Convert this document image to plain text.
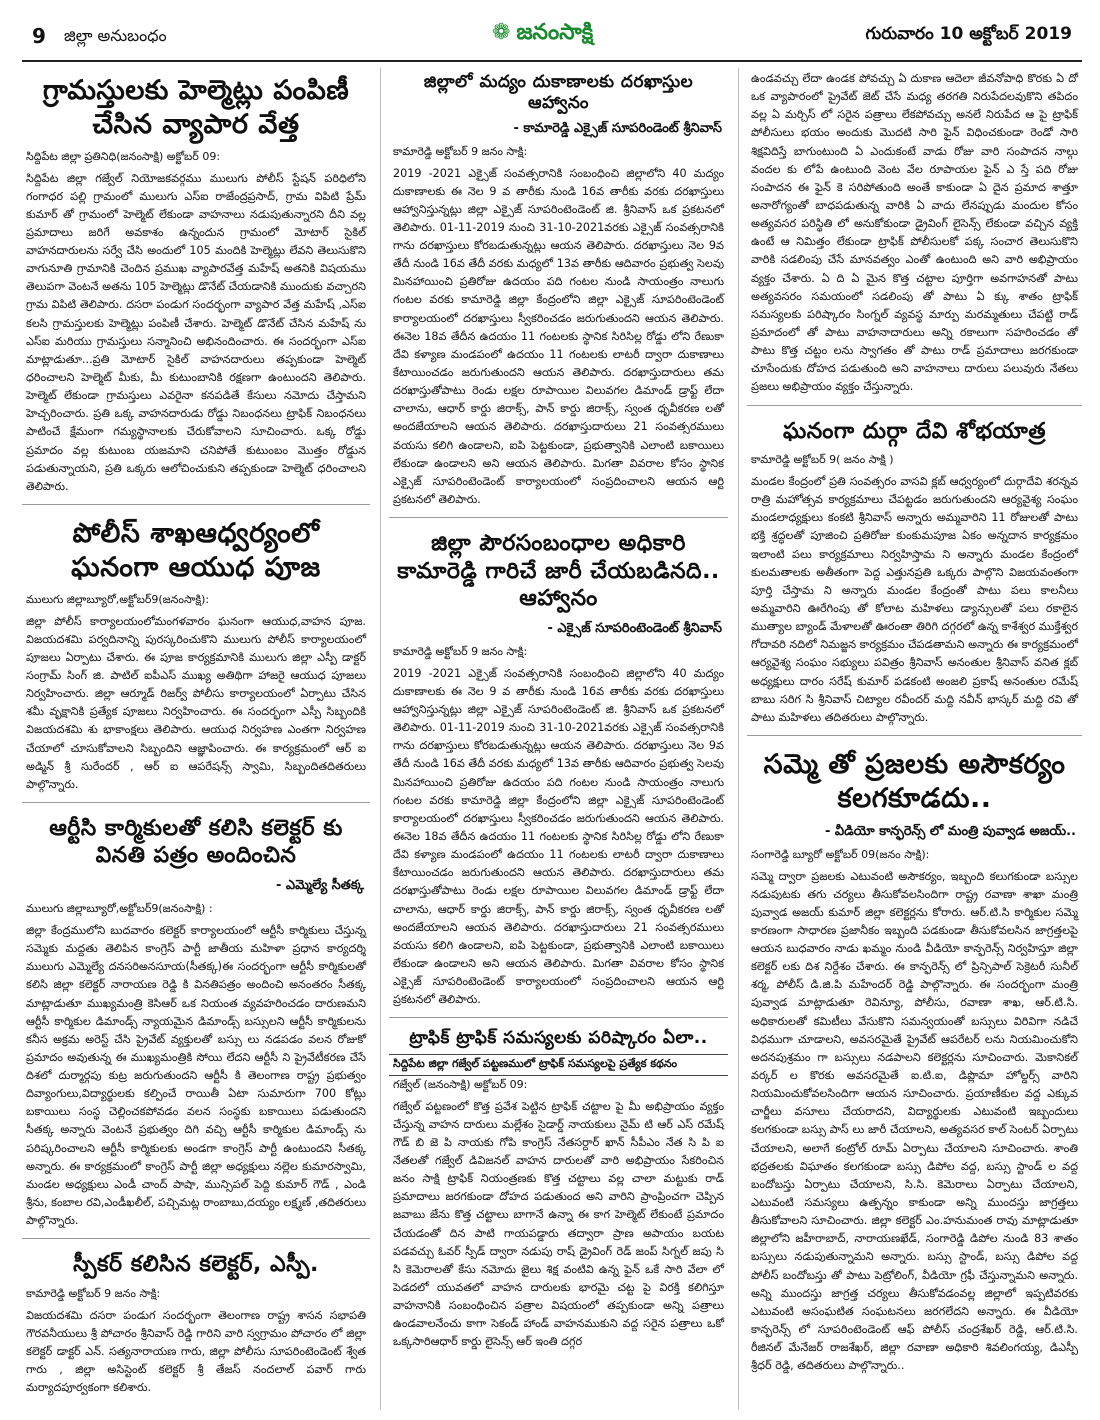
9 జిల్లా అనుబంధం	❁ జనంసాక్షి	గురువారం 10 అక్టోబర్ 2019
గ్రామస్తులకు హెల్మెట్లు పంపిణీ చేసిన వ్యాపార వేత్త
సిద్దిపేట జిల్లా ప్రతినిధి(జనంసాక్షి) అక్టోబర్ 09:
సిద్దిపేట జిల్లా గజ్వేల్ నియోజకవర్గము ములుగు పోలీస్ స్టేషన్ పరిధిలోని గంగాధర పల్లి గ్రామంలో ములుగు ఎస్ఐ రాజేంద్రప్రసాద్, గ్రామ విపిటి ప్రేమ్ కుమార్ తో గ్రామంలో హెల్మెట్ లేకుండా వాహనాలు నడుపుతున్నారని దీని వల్ల ప్రమాదాలు జరిగే అవకాశం ఉన్నందున గ్రామంలో మోటార్ సైకిల్ వాహనదారులను సర్వే చేసి అందులో 105 మందికి హెల్మెట్లు లేవని తెలుసుకొని వాగునూతి గ్రామానికి చెందిన ప్రముఖ వ్యాపారవేత్త మహేష్ అతనికి విషయము తెలుపగా వెంటనే అతను 105 హెల్మెట్లు డొనేట్ చేయడానికి ముందుకు వచ్చారని గ్రామ విపిటి తెలిపారు. దసరా పండుగ సందర్భంగా వ్యాపార వేత్త మహేష్ ,ఎస్ఐ కలసి గ్రామస్తులకు హెల్మెట్లు పంపిణీ చేశారు. హెల్మెట్ డొనేట్ చేసిన మహేష్ ను ఎస్ఐ మరియు గ్రామస్తులు సన్మానించి అభినందించారు. ఈ సందర్భంగా ఎస్ఐ మాట్లాడుతూ...ప్రతి మోటార్ సైకిల్ వాహనదారులు తప్పకుండా హెల్మెట్ ధరించాలని హెల్మెట్ మీకు, మీ కుటుంబానికి రక్షణగా ఉంటుందని తెలిపారు. హెల్మెట్ లేకుండా గ్రామస్తులు ఎవరైనా కనపడితే కేసులు నమోదు చేస్తామని హెచ్చరించారు. ప్రతి ఒక్క వాహనదారుడు రోడ్డు నిబంధనలు ట్రాఫిక్ నిబంధనలు పాటించే క్షేమంగా గమ్యస్థానాలకు చేరుకోవాలని సూచించారు. ఒక్క రోడ్డు ప్రమాదం వల్ల కుటుంబ యజమాని చనిపోతే కుటుంబం మొత్తం రోడ్డున పడుతున్నాయని, ప్రతి ఒక్కరు ఆలోచించుకుని తప్పకుండా హెల్మెట్ ధరించాలని తెలిపారు.
పోలీస్ శాఖఆధ్వర్యంలో ఘనంగా ఆయుధ పూజ
ములుగు జిల్లాబ్యూరో,అక్టోబర్9(జనంసాక్షి):
జిల్లా పోలీస్ కార్యాలయంలోమంగళవారం ఘనంగా ఆయుధ,వాహన పూజ. విజయదశమి పర్వదినాన్ని పురస్కరించుకొని ములుగు పోలీస్ కార్యాలయంలో పూజలు ఏర్పాటు చేశారు. ఈ పూజ కార్యక్రమానికి ములుగు జిల్లా ఎస్పీ డాక్టర్ సంగ్రామ్ సింగ్ జి. పాటిల్ ఐపీఎస్ ముఖ్య అతిథిగా హాజరై ఆయుధ పూజలు నిర్వహించారు. జిల్లా ఆర్మూడ్ రిజర్వ్ పోలీసు కార్యాలయంలో ఏర్పాటు చేసిన శమీ వృక్షానికి ప్రత్యేక పూజలు నిర్వహించారు. ఈ సందర్భంగా ఎస్పీ సిబ్బందికి విజయదశమి శు భాకాంక్షలు తెలిపారు. ఆయుధ నిర్వహణ ఎంతగా నిర్వహణ చేయాలో చూసుకోవాలని సిబ్బందిని ఆజ్ఞాపించారు. ఈ కార్యక్రమంలో ఆర్ ఐ అడ్మిన్ శ్రీ సురేందర్ , ఆర్ ఐ ఆపరేషన్స్ స్వామి, సిబ్బందితదితరులు పాల్గొన్నారు.
ఆర్టీసి కార్మికులతో కలిసి కలెక్టర్ కు వినతి పత్రం అందించిన
- ఎమ్మెల్యే సీతక్క
ములుగు జిల్లాబ్యూరో,అక్టోబర్9(జనంసాక్షి) :
జిల్లా కేంద్రములోని బుదవారం కలెక్టర్ కార్యాలయంలో ఆర్టీసీ కార్మికులు చేస్తున్న సమ్మెకు మద్దతు తెలిపిన కాంగ్రెస్ పార్టీ జాతీయ మహిళా ప్రధాన కార్యదర్శి ములుగు ఎమ్మెల్యే దనసరిఅనసూయ(సీతక్క)ఈ సందర్భంగా ఆర్టీసీ కార్మికులతో కలిసి జిల్లా కలెక్టర్ నారాయణ రెడ్డి కి వినతిపత్రం అందించి అనంతరం సీతక్క మాట్లాడుతూ ముఖ్యమంత్రి కెసిఆర్ ఒక నియంత వ్యవహరించడం దారుణమని ఆర్టీసీ కార్మికుల డిమాండ్స్ న్యాయమైన డిమాండ్స్ బస్సులని ఆర్టీసీ కార్మికులను కనీస అక్రమ అరెస్ట్ చేసి ప్రైవేట్ వ్యక్తులతో బస్సు లు నడపడం వలన రోజుకో ప్రమాదం అవుతున్న ఈ ముఖ్యమంత్రికి సోయి లేదని ఆర్టీసీ ని ప్రైవేటీకరణ చేసే దిశలో దుర్మార్గపు కుట్ర జరుగుతుందని ఆర్టీసీ కి తెలంగాణ రాష్ట్ర ప్రభుత్వం దివ్యాంగులు,విద్యార్థులకు కల్పించే రాయితీ ఏటా సుమారుగా 700 కోట్లు బకాయిలు సంస్థ చెల్లించకపోవడం వలన సంస్థకు బకాయిలు పడుతుందని సీతక్క అన్నారు వెంటనే ప్రభుత్వం దిగి వచ్చి ఆర్టీసీ కార్మికుల డిమాండ్స్ ను పరిష్కరించాలని ఆర్టీసీ కార్మికులకు అండగా కాంగ్రెస్ పార్టీ ఉంటుందని సీతక్క అన్నారు. ఈ కార్యక్రమంలో కాంగ్రెస్ పార్టీ జిల్లా అధ్యక్షులు నల్లెల కుమారస్వామి, మండల అధ్యక్షులు ఎండీ చాంద్ పాషా, మున్సిపల్ పెద్ది కుమార్ గౌడ్ , ఎండి శ్రీను, కంబాల రవి,ఎండీఖలీల్, పచ్చిమట్ల రాంబాబు,దయ్యం లక్ష్మణ్ ,తదితరులు పాల్గొన్నారు.
స్పీకర్ కలిసిన కలెక్టర్, ఎస్పీ.
కామారెడ్డి అక్టోబర్ 9 జనం సాక్షి:
విజయదశమి దసరా పండుగ సందర్భంగా తెలంగాణ రాష్ట్ర శాసన సభాపతి గౌరవనీయులు శ్రీ పోచారం శ్రీనివాస్ రెడ్డి గారిని వారి స్వగ్రామం పోచారం లో జిల్లా కలెక్టర్ డాక్టర్ ఎన్. సత్యనారాయణ గారు, జిల్లా పోలీసు సూపరింటెండెంట్ శ్వేత గారు , జిల్లా అసిస్టెంట్ కలెక్టర్ శ్రీ తేజస్ నందలాల్ పవార్ గారు మర్యాదపూర్వకంగా కలిశారు.
జిల్లాలో మద్యం దుకాణాలకు దరఖాస్తుల ఆహ్వానం
- కామారెడ్డి ఎక్సైజ్ సూపరిండెంట్ శ్రీనివాస్
కామారెడ్డి అక్టోబర్ 9 జనం సాక్షి:
2019 -2021 ఎక్సైజ్ సంవత్సరానికి సంబంధించి జిల్లాలోని 40 మద్యం దుకాణాలకు ఈ నెల 9 వ తారీకు నుండి 16వ తారీకు వరకు దరఖాస్తులు ఆహ్వానిస్తున్నట్లు జిల్లా ఎక్సైజ్ సూపరింటెండెంట్ జి. శ్రీనివాస్ ఒక ప్రకటనలో తెలిపారు. 01-11-2019 నుంచి 31-10-2021వరకు ఎక్సైజ్ సంవత్సరానికి గాను దరఖాస్తులు కోరబడుతున్నట్లు ఆయన తెలిపారు. దరఖాస్తులు నెల 9వ తేదీ నుండి 16వ తేదీ వరకు మధ్యలో 13వ తారీకు ఆదివారం ప్రభుత్వ సెలవు మినహాయించి ప్రతిరోజు ఉదయం పది గంటల నుండి సాయంత్రం నాలుగు గంటల వరకు కామారెడ్డి జిల్లా కేంద్రంలోని జిల్లా ఎక్సైజ్ సూపరింటెండెంట్ కార్యాలయంలో దరఖాస్తులు స్వీకరించడం జరుగుతుందని ఆయన తెలిపారు. ఈనెల 18వ తేదీన ఉదయం 11 గంటలకు స్థానిక సిరిసిల్ల రోడ్డు లోని రేణుకా దేవి కళ్యాణ మండపంలో ఉదయం 11 గంటలకు లాటరీ ద్వారా దుకాణాలు కేటాయించడం జరుగుతుందని ఆయన తెలిపారు. దరఖాస్తుదారులు తమ దరఖాస్తుతోపాటు రెండు లక్షల రూపాయిల విలువగల డిమాండ్ డ్రాఫ్ట్ లేదా చాలాను, ఆధార్ కార్డు జిరాక్స్, పాన్ కార్డు జిరాక్స్, స్వంత ధృవీకరణ లతో అందజేయాలని ఆయన తెలిపారు. దరఖాస్తుదారులు 21 సంవత్సరములు వయసు కలిగి ఉండాలని, ఐపి పెట్టకుండా, ప్రభుత్వానికి ఎలాంటి బకాయిలు లేకుండా ఉండాలని అని ఆయన తెలిపారు. మిగతా వివరాల కోసం స్థానిక ఎక్సైజ్ సూపరింటెండెంట్ కార్యాలయంలో సంప్రదించాలని ఆయన ఆర్టి ప్రకటనలో తెలిపారు.
జిల్లా పౌరసంబంధాల అధికారి కామారెడ్డి గారిచే జారీ చేయబడినది.. ఆహ్వానం
- ఎక్సైజ్ సూపరింటెండెంట్ శ్రీనివాస్
కామారెడ్డి అక్టోబర్ 9 జనం సాక్షి:
2019 -2021 ఎక్సైజ్ సంవత్సరానికి సంబంధించి జిల్లాలోని 40 మద్యం దుకాణాలకు ఈ నెల 9 వ తారీకు నుండి 16వ తారీకు వరకు దరఖాస్తులు ఆహ్వానిస్తున్నట్లు జిల్లా ఎక్సైజ్ సూపరింటెండెంట్ జి. శ్రీనివాస్ ఒక ప్రకటనలో తెలిపారు. 01-11-2019 నుంచి 31-10-2021వరకు ఎక్సైజ్ సంవత్సరానికి గాను దరఖాస్తులు కోరబడుతున్నట్లు ఆయన తెలిపారు. దరఖాస్తులు నెల 9వ తేదీ నుండి 16వ తేదీ వరకు మధ్యలో 13వ తారీకు ఆదివారం ప్రభుత్వ సెలవు మినహాయించి ప్రతిరోజు ఉదయం పది గంటల నుండి సాయంత్రం నాలుగు గంటల వరకు కామారెడ్డి జిల్లా కేంద్రంలోని జిల్లా ఎక్సైజ్ సూపరింటెండెంట్ కార్యాలయంలో దరఖాస్తులు స్వీకరించడం జరుగుతుందని ఆయన తెలిపారు. ఈనెల 18వ తేదీన ఉదయం 11 గంటలకు స్థానిక సిరిసిల్ల రోడ్డు లోని రేణుకా దేవి కళ్యాణ మండపంలో ఉదయం 11 గంటలకు లాటరీ ద్వారా దుకాణాలు కేటాయించడం జరుగుతుందని ఆయన తెలిపారు. దరఖాస్తుదారులు తమ దరఖాస్తుతోపాటు రెండు లక్షల రూపాయిల విలువగల డిమాండ్ డ్రాఫ్ట్ లేదా చాలాను, ఆధార్ కార్డు జిరాక్స్, పాన్ కార్డు జిరాక్స్, స్వంత ధృవీకరణ లతో అందజేయాలని ఆయన తెలిపారు. దరఖాస్తుదారులు 21 సంవత్సరములు వయసు కలిగి ఉండాలని, ఐపి పెట్టకుండా, ప్రభుత్వానికి ఎలాంటి బకాయిలు లేకుండా ఉండాలని అని ఆయన తెలిపారు. మిగతా వివరాల కోసం స్థానిక ఎక్సైజ్ సూపరింటెండెంట్ కార్యాలయంలో సంప్రదించాలని ఆయన ఆర్టి ప్రకటనలో తెలిపారు.
ట్రాఫిక్ ట్రాఫిక్ సమస్యలకు పరిష్కారం ఏలా..
సిద్దిపేట జిల్లా గజ్వేల్ పట్టణములో ట్రాఫిక్ సమస్యలపై ప్రత్యేక కథనం
గజ్వేల్ (జనంసాక్షి) అక్టోబర్ 09:
గజ్వేల్ పట్టణంలో కొత్త ప్రవేశ పెట్టిన ట్రాఫిక్ చట్టాల పై మీ అభిప్రాయం వ్యక్తం చేస్తున్న వాహన దారులు మల్లేశం సైడార్డ్ నాయకులు నైమ్ టి ఆర్ ఎస్ రమేష్ గౌడ్ బి జె పి నాయకు గోపి కాంగ్రెస్ నేతసర్దార్ ఖాన్ సీపీఎం నేత సి పి ఐ నేతలతో గజ్వేల్ డివిజనల్ వాహన దారులతో వారి అభిప్రాయం సేకరించిన జనం సాక్షి ట్రాఫిక్ నియంత్రణకు కొత్త చట్టాలు వల్ల చాలా మట్టుకు రాడ్ ప్రమాదాలు జరగకుండా దోహద పడుతుంద అని వారిని ప్రాంప్రించగా చెప్పిన జవాబు జేను కొత్త చట్టాలు బాగానే ఉన్నా ఈ కాగ హెల్మెట్ లేకుంటే ప్రమాదం చేయడంతో దిన పాటి గాయపడ్డారు తద్వారా ప్రాణ అపాయం బయట పడవచ్చు ఓవర్ స్పీడ్ ద్వారా నడుపు రాష్ డ్రైవింగ్ రెడ్ జంప్ సిగ్నల్ జపు సి సి కెమెరాలతో కేసు నమోదు జైలు శిక్ష వంటివి ఉన్న ఫైన్ ఒకే సారి వేలా లో పెడదలో యువతలో వాహన దారులకు భారమై చట్ట పై విరక్తి కలిగిస్తూ వాహనానికి సంబంధించిన పత్రాల విషయంలో తప్పకుండా అన్ని పత్రాలు ఉండవాలనేంచు కాగా సెకండ్ హాండ్ వాహనముకుని వద్ద సరైన పత్రాలు ఒకో ఒక్కసారిఆధార్ కార్డు లైసెన్స్ ఆర్ ఇంతి దగ్గర
ఉండవచ్చు లేదా ఉండక పోవచ్చు ఏ దుకాణ ఆదెలా జీవనోపాధి కొరకు ఏ దో ఒక వ్యాపారంలో ప్రైవేట్ జెట్ చేసే మధ్య తరగతి నిరుపేదలవుకొని తపిదం వల్ల ఏ మర్చిస్ లో సరైన పత్రాలు లేకపోవచ్చు అనలే నిరుపేద ఆ పై ట్రాఫిక్ పోలీసులు భయం అందుకు మొదటి సారి ఫైన్ విధించకుండా రెండో సారి శిక్షవిదిస్తే బాగుంటుంది ఏ ఎందుకంటే వాడు రోజు వారి సంపాదన నాల్గు వందల కు లోపే ఉంటుంది వెంట వేల రూపాయల ఫైన్ ఎ స్తే పది రోజు సంపాదన ఈ ఫైన్ కె సరిపోతుంది అంతే కాకుండా ఏ దైన ప్రమాద శాత్తూ అనారోగ్యంతో బాధపడుతున్న వారికి ఏ వాదు లేనప్పుడు మందుల కోసం అత్యవసర పరిస్థితి లో అనుకోకుండా డ్రైవింగ్ లైసెన్స్ లేకుండా వచ్చిన వ్యక్తి ఉంటే ఆ నిమిత్తం లేకుండా ట్రాఫిక్ పోలీసులకో పక్క సంచార తెలుసుకొని వారికి సడలింపు చేసే మానవత్వం ఎంతో ఉంటుంది అని వారి అభిప్రాయం వ్యక్తం చేశారు. ఏ ది ఏ మైన కొత్త చట్టాల పూర్తిగా అవగాహనతో పాటు అత్యవసరం సమయంలో సడలింపు తో పాటు ఏ క్కు శాతం ట్రాఫిక్ సమస్యలకు పరిష్కారం సింగ్నల్ వ్యవస్థ మార్పు మరమ్మతులు చేపట్టి రాడ్ ప్రమాదంలో తో పాటు వాహనాదారులు అన్ని రకాలుగా సహరించడం తో పాటు కొత్త చట్టం లను స్వాగతం తో పాటు రాడ్ ప్రమాదాలు జరగకుండా చూసేందుకు దోహద పడుతుంది అని వాహనాలు దారులు పలువురు నేతలు ప్రజలు అభిప్రాయం వ్యక్తం చేస్తున్నారు.
ఘనంగా దుర్గా దేవి శోభయాత్ర
కామారెడ్డి అక్టోబర్ 9( జనం సాక్షి )
మండల కేంద్రంలో ప్రతి సంవత్సరం వాసవి క్లబ్ ఆధ్వర్యంలో దుర్గాదేవి శరన్నవ రాత్రి మహోత్సవ కార్యక్రమాలు చేపట్టడం జరుగుతుందని ఆర్యవైశ్య సంఘం మండలాధ్యక్షులు కంకటి శ్రీనివాస్ అన్నారు అమ్మవారిని 11 రోజులతో పాటు భక్తి శ్రద్ధలతో పూజించి ప్రతిరోజు కుంకుమపూజ ఏకం అన్నదాన కార్యక్రమం ఇలాంటి పలు కార్యక్రమాలు నిర్వహిస్తామ ని అన్నారు మండల కేంద్రంలో కులమతాలకు అతీతంగా పెద్ద ఎత్తునప్రతి ఒక్కరు పాల్గొని విజయవంతంగా పూర్తి చేస్తామ ని అన్నారు మండల కేంద్రంతో పాటు పలు కాలనీలు అమ్మవారిని ఊరేగింపు తో కోలాట మహిళలు డ్యాన్సులతో పలు రకాలైన ముత్యాల బ్యాండ్ మేళాలతో ఊరంతా తిరిగి దగ్గరలో ఉన్న కాశేశ్వర ముక్తేశ్వర గోదావరి నదిలో నిమజ్జన కార్యక్రమం చేపడతామని అన్నారు ఈ కార్యక్రమంలో ఆర్యవైశ్య సంఘం సభ్యులు పవిత్రం శ్రీనివాస్ అనంతుల శ్రీనివాస్ వనిత క్లబ్ అధ్యక్షులు దారం సరేష్ కుమార్ పడకంటి అంజలి ప్రకాష్ అనంతుల రమేష్ బాబు సరిగ సి శ్రీనివాస్ చిట్యాల రవీందర్ మద్ది నవీన్ భాస్కర్ మద్ది రవి తో పాటు మహిళలు తదితరులు పాల్గొన్నారు.
సమ్మె తో ప్రజలకు అసౌకర్యం కలగకూడదు..
- వీడియో కాన్ఫరెన్స్ లో మంత్రి పువ్వాడ అజయ్..
సంగారెడ్డి బ్యూరో అక్టోబర్ 09(జనం సాక్షి):
సమ్మె ద్వారా ప్రజలకు ఎటువంటి అసౌకర్యం, ఇబ్బంది కలుగకుండా బస్సుల నడుపుటకు తగు చర్యలు తీసుకోవలసిందిగా రాష్ట్ర రవాణా శాఖా మంత్రి పువ్వాడ అజయ్ కుమార్ జిల్లా కలెక్టర్లను కోరారు. ఆర్.టి.సి కార్మికుల సమ్మె కారణంగా సాధారణ ప్రజానీకం ఇబ్బంది పడకుండా తీసుకోవలసిన జాగ్రత్తలపై ఆయన బుధవారం నాడు ఖమ్మం నుండి వీడియో కాన్ఫరెన్స్ నిర్వహిస్తూ జిల్లా కలెక్టర్ లకు దిశ నిర్దేశం చేశారు. ఈ కాన్ఫరెన్స్ లో ప్రిన్సిపాల్ సెక్రెటరీ సునీల్ శర్మ, పోలీస్ డి.జి.పి మహేందర్ రెడ్డి పాల్గొన్నారు. ఈ సందర్భంగా మంత్రి పువ్వాడ మాట్లాడుతూ రెవిన్యూ, పోలీసు, రవాణా శాఖ, ఆర్.టి.సి. అధికారులతో కమిటీలు వేసుకొని సమన్వయంతో బస్సులు విరివిగా నడిచే విధముగా చూడాలని, అవసరమైతే ప్రైవేట్ ఆపరేటర్ లను నియమించుకోని అదనపుశ్రమం గా బస్సులు నడపాలని కలెక్టర్లను సూచించారు. మెకానికల్ వర్కర్ ల కొరకు అవసరమైతే ఐ.టి.ఐ, డిప్లొమా హోల్డర్స్ వారిని నియమించుకోవలసిందిగా ఆయన సూచించారు. ప్రయాణీకుల వద్ద ఎక్కువ చార్జీలు వసూలు చేయరాదని, విద్యార్థులకు ఎటువంటి ఇబ్బందులు కలగకుండా బస్సు పాస్ లు జారీ చేయాలని, అత్యవసర కాల్ సెంటర్ ఏర్పాటు చేయాలని, అలాగే కంట్రోల్ రూమ్ ఏర్పాటు చేయాలని సూచించారు. శాంతి భద్రతలకు విఘాతం కలగకుండా బస్సు డిపోల వద్ద, బస్సు స్టాండ్ ల వద్ద బందోబస్తు ఏర్పాటు చేయాలని, సి.సి. కెమెరాలు ఏర్పాటు చేయాలని, ఎటువంటి సమస్యలు ఉత్పన్నం కాకుండా అన్ని ముందస్తు జాగ్రత్తలు తీసుకోవాలని సూచించారు. జిల్లా కలెక్టర్ ఎం.హనుమంత రావు మాట్లాడుతూ జిల్లాలోని జహీరాబాద్, నారాయణఖేడ్, సంగారెడ్డి డిపోల నుండి 83 శాతం బస్సులు నడుపుతున్నామని అన్నారు. బస్సు స్టాండ్, బస్సు డిపోల వద్ద పోలీస్ బందోబస్తు తో పాటు పెట్రోలింగ్, వీడియో గ్రఫీ చేస్తున్నామని అన్నారు. అన్ని ముందస్తు జాగ్రత్త చర్యలు తీసుకోవడంవల్ల జిల్లాలో ఇప్పటివరకు ఎటువంటి అసంఘటిత సంఘటనలు జరగలేదని అన్నారు. ఈ వీడియో కాన్ఫరెన్స్ లో సూపరింటెండెంట్ ఆఫ్ పోలీస్ చంద్రశేఖర్ రెడ్డి, ఆర్.టి.సి. రీజినల్ మేనేజర్ రాజశేఖర్, జిల్లా రవాణా అధికారి శివలింగయ్య, డిఎస్పీ శ్రీధర్ రెడ్డి, తదితరులు పాల్గొన్నారు..
